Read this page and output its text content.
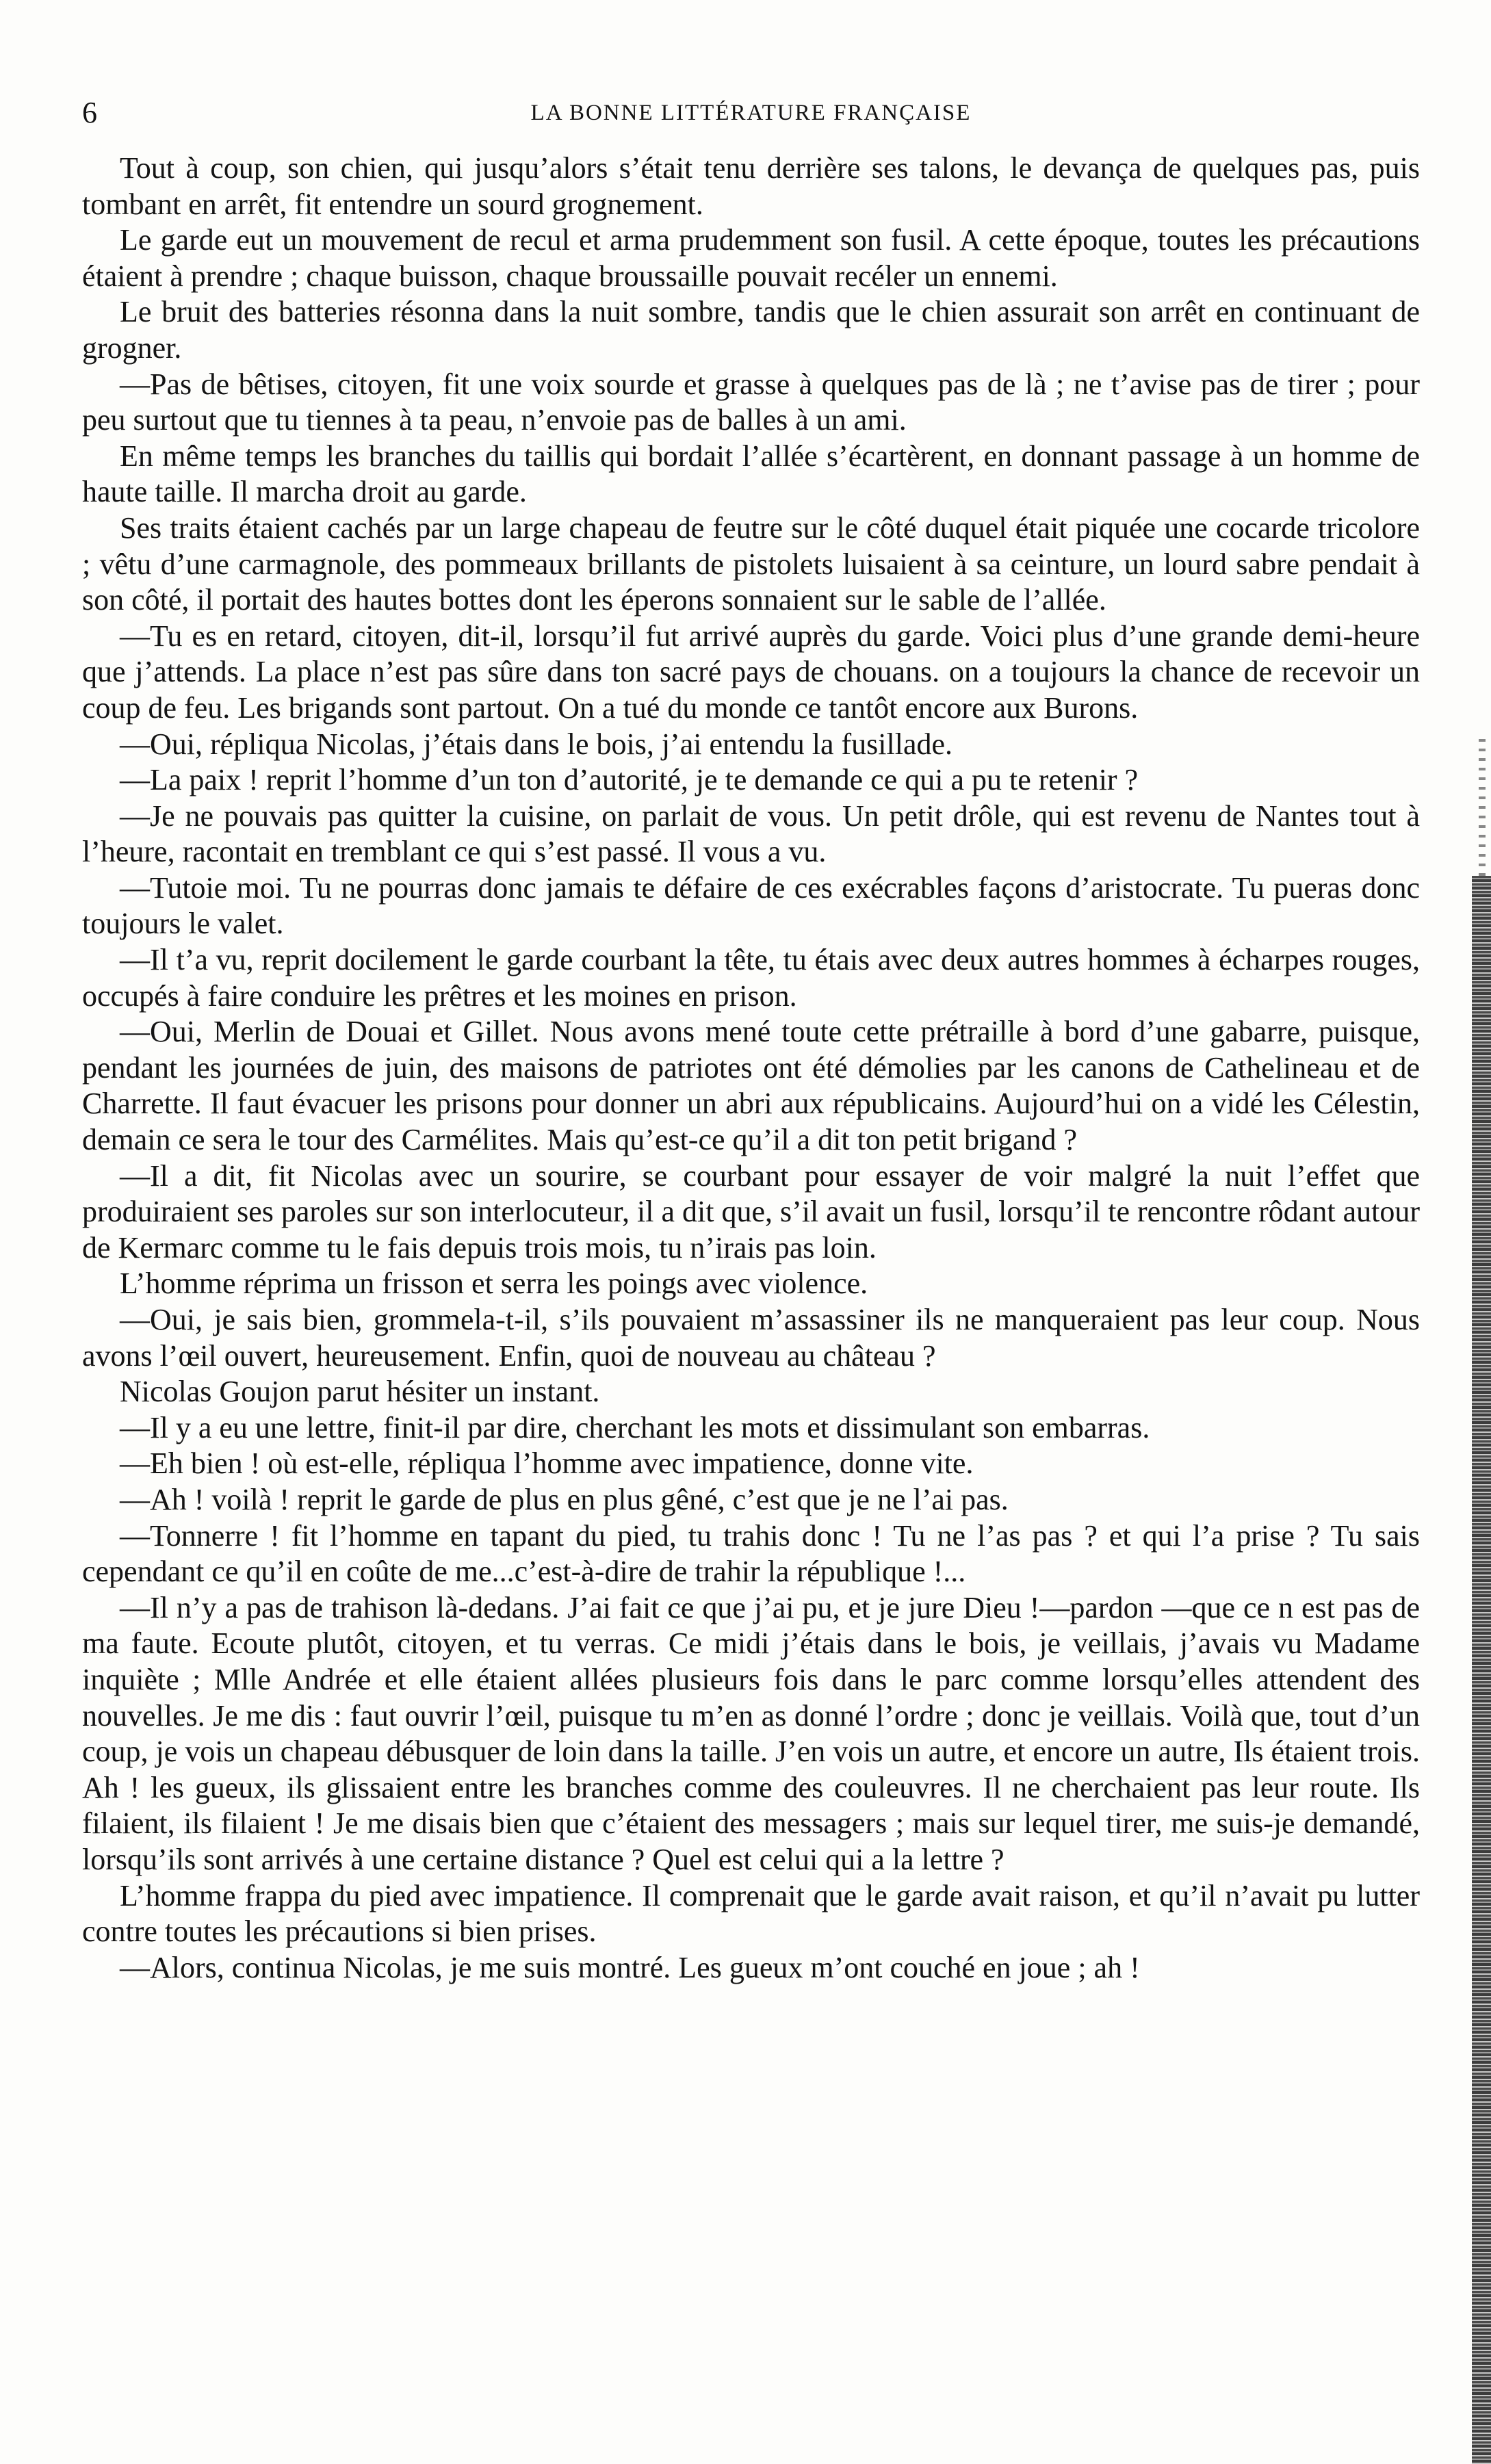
6	LA BONNE LITTÉRATURE FRANÇAISE

Tout à coup, son chien, qui jusqu’alors s’était tenu derrière ses talons, le devança de quelques pas, puis tombant en arrêt, fit entendre un sourd grognement.

Le garde eut un mouvement de recul et arma prudemment son fusil. A cette époque, toutes les précautions étaient à prendre ; chaque buisson, chaque broussaille pouvait recéler un ennemi.

Le bruit des batteries résonna dans la nuit sombre, tandis que le chien assurait son arrêt en continuant de grogner.

—Pas de bêtises, citoyen, fit une voix sourde et grasse à quelques pas de là ; ne t’avise pas de tirer ; pour peu surtout que tu tiennes à ta peau, n’envoie pas de balles à un ami.

En même temps les branches du taillis qui bordait l’allée s’écartèrent, en donnant passage à un homme de haute taille. Il marcha droit au garde.

Ses traits étaient cachés par un large chapeau de feutre sur le côté duquel était piquée une cocarde tricolore ; vêtu d’une carmagnole, des pommeaux brillants de pistolets luisaient à sa ceinture, un lourd sabre pendait à son côté, il portait des hautes bottes dont les éperons sonnaient sur le sable de l’allée.

—Tu es en retard, citoyen, dit-il, lorsqu’il fut arrivé auprès du garde. Voici plus d’une grande demi-heure que j’attends. La place n’est pas sûre dans ton sacré pays de chouans. on a toujours la chance de recevoir un coup de feu. Les brigands sont partout. On a tué du monde ce tantôt encore aux Burons.

—Oui, répliqua Nicolas, j’étais dans le bois, j’ai entendu la fusillade.

—La paix ! reprit l’homme d’un ton d’autorité, je te demande ce qui a pu te retenir ?

—Je ne pouvais pas quitter la cuisine, on parlait de vous. Un petit drôle, qui est revenu de Nantes tout à l’heure, racontait en tremblant ce qui s’est passé. Il vous a vu.

—Tutoie moi. Tu ne pourras donc jamais te défaire de ces exécrables façons d’aristocrate. Tu pueras donc toujours le valet.

—Il t’a vu, reprit docilement le garde courbant la tête, tu étais avec deux autres hommes à écharpes rouges, occupés à faire conduire les prêtres et les moines en prison.

—Oui, Merlin de Douai et Gillet. Nous avons mené toute cette prétraille à bord d’une gabarre, puisque, pendant les journées de juin, des maisons de patriotes ont été démolies par les canons de Cathelineau et de Charrette. Il faut évacuer les prisons pour donner un abri aux républicains. Aujourd’hui on a vidé les Célestin, demain ce sera le tour des Carmélites. Mais qu’est-ce qu’il a dit ton petit brigand ?

—Il a dit, fit Nicolas avec un sourire, se courbant pour essayer de voir malgré la nuit l’effet que produiraient ses paroles sur son interlocuteur, il a dit que, s’il avait un fusil, lorsqu’il te rencontre rôdant autour de Kermarc comme tu le fais depuis trois mois, tu n’irais pas loin.

L’homme réprima un frisson et serra les poings avec violence.

—Oui, je sais bien, grommela-t-il, s’ils pouvaient m’assassiner ils ne manqueraient pas leur coup. Nous avons l’œil ouvert, heureusement. Enfin, quoi de nouveau au château ?

Nicolas Goujon parut hésiter un instant.

—Il y a eu une lettre, finit-il par dire, cherchant les mots et dissimulant son embarras.

—Eh bien ! où est-elle, répliqua l’homme avec impatience, donne vite.

—Ah ! voilà ! reprit le garde de plus en plus gêné, c’est que je ne l’ai pas.

—Tonnerre ! fit l’homme en tapant du pied, tu trahis donc ! Tu ne l’as pas ? et qui l’a prise ? Tu sais cependant ce qu’il en coûte de me...c’est-à-dire de trahir la république !...

—Il n’y a pas de trahison là-dedans. J’ai fait ce que j’ai pu, et je jure Dieu !—pardon —que ce n est pas de ma faute. Ecoute plutôt, citoyen, et tu verras. Ce midi j’étais dans le bois, je veillais, j’avais vu Madame inquiète ; Mlle Andrée et elle étaient allées plusieurs fois dans le parc comme lorsqu’elles attendent des nouvelles. Je me dis : faut ouvrir l’œil, puisque tu m’en as donné l’ordre ; donc je veillais. Voilà que, tout d’un coup, je vois un chapeau débusquer de loin dans la taille. J’en vois un autre, et encore un autre, Ils étaient trois. Ah ! les gueux, ils glissaient entre les branches comme des couleuvres. Il ne cherchaient pas leur route. Ils filaient, ils filaient ! Je me disais bien que c’étaient des messagers ; mais sur lequel tirer, me suis-je demandé, lorsqu’ils sont arrivés à une certaine distance ? Quel est celui qui a la lettre ?

L’homme frappa du pied avec impatience. Il comprenait que le garde avait raison, et qu’il n’avait pu lutter contre toutes les précautions si bien prises.

—Alors, continua Nicolas, je me suis montré. Les gueux m’ont couché en joue ; ah !
